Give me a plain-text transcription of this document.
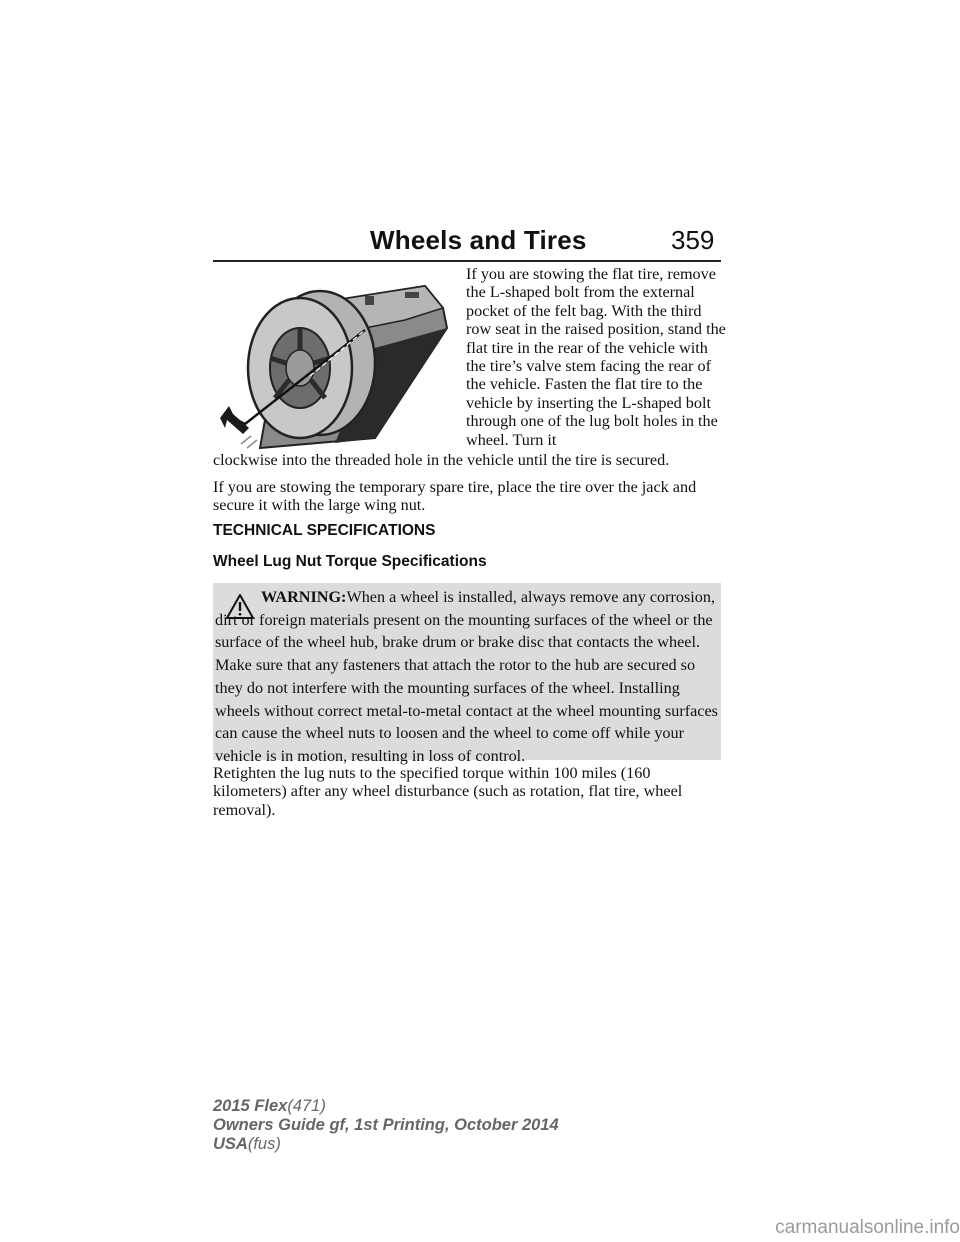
Wheels and Tires	359
If you are stowing the flat tire, remove the L-shaped bolt from the external pocket of the felt bag. With the third row seat in the raised position, stand the flat tire in the rear of the vehicle with the tire’s valve stem facing the rear of the vehicle. Fasten the flat tire to the vehicle by inserting the L-shaped bolt through one of the lug bolt holes in the wheel. Turn it
clockwise into the threaded hole in the vehicle until the tire is secured.
If you are stowing the temporary spare tire, place the tire over the jack and secure it with the large wing nut.
TECHNICAL SPECIFICATIONS
Wheel Lug Nut Torque Specifications
WARNING:When a wheel is installed, always remove any corrosion, dirt or foreign materials present on the mounting surfaces of the wheel or the surface of the wheel hub, brake drum or brake disc that contacts the wheel. Make sure that any fasteners that attach the rotor to the hub are secured so they do not interfere with the mounting surfaces of the wheel. Installing wheels without correct metal-to-metal contact at the wheel mounting surfaces can cause the wheel nuts to loosen and the wheel to come off while your vehicle is in motion, resulting in loss of control.
Retighten the lug nuts to the specified torque within 100 miles (160 kilometers) after any wheel disturbance (such as rotation, flat tire, wheel removal).
2015 Flex(471)
Owners Guide gf, 1st Printing, October 2014
USA(fus)
carmanualsonline.info
